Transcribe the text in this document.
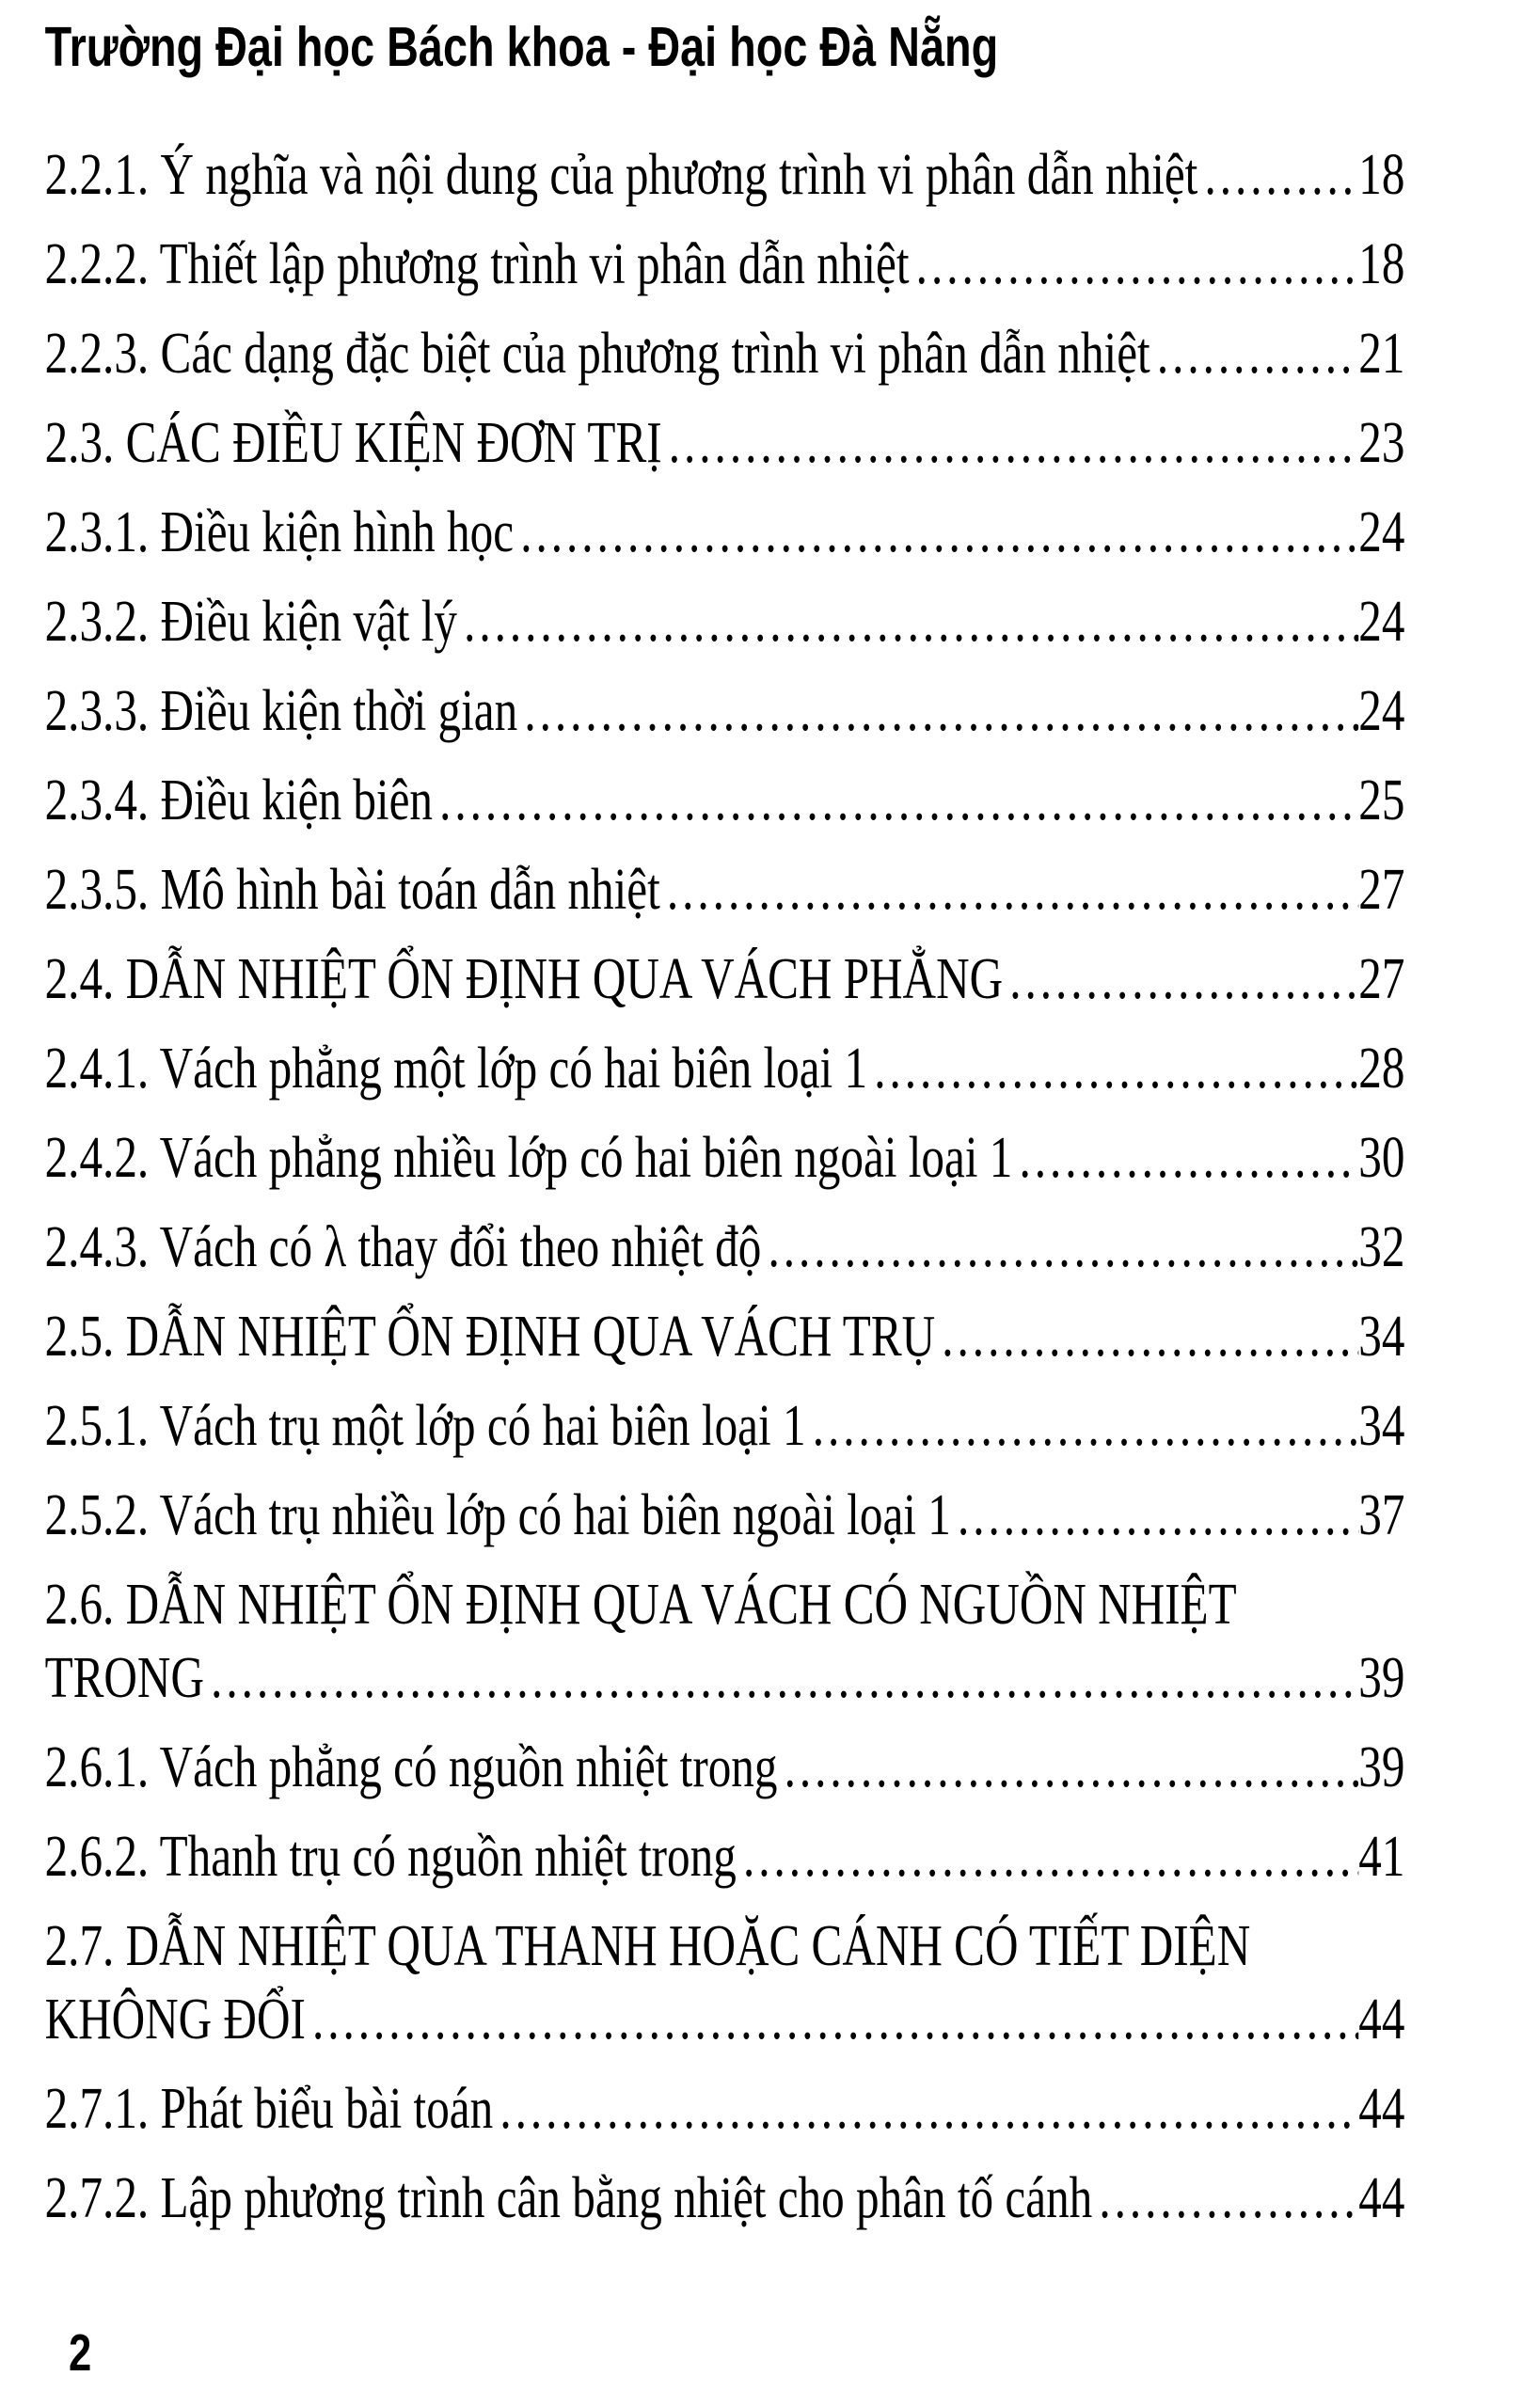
Trường Đại học Bách khoa - Đại học Đà Nẵng
2.2.1. Ý nghĩa và nội dung của phương trình vi phân dẫn nhiệt .....	18
2.2.2. Thiết lập phương trình vi phân dẫn nhiệt .....	18
2.2.3. Các dạng đặc biệt của phương trình vi phân dẫn nhiệt .....	21
2.3. CÁC ĐIỀU KIỆN ĐƠN TRỊ .....	23
2.3.1. Điều kiện hình học .....	24
2.3.2. Điều kiện vật lý .....	24
2.3.3. Điều kiện thời gian .....	24
2.3.4. Điều kiện biên .....	25
2.3.5. Mô hình bài toán dẫn nhiệt .....	27
2.4. DẪN NHIỆT ỔN ĐỊNH QUA VÁCH PHẲNG .....	27
2.4.1. Vách phẳng một lớp có hai biên loại 1 .....	28
2.4.2. Vách phẳng nhiều lớp có hai biên ngoài loại 1 .....	30
2.4.3. Vách có λ thay đổi theo nhiệt độ .....	32
2.5. DẪN NHIỆT ỔN ĐỊNH QUA VÁCH TRỤ .....	34
2.5.1. Vách trụ một lớp có hai biên loại 1 .....	34
2.5.2. Vách trụ nhiều lớp có hai biên ngoài loại 1 .....	37
2.6. DẪN NHIỆT ỔN ĐỊNH QUA VÁCH CÓ NGUỒN NHIỆT
TRONG .....	39
2.6.1. Vách phẳng có nguồn nhiệt trong .....	39
2.6.2. Thanh trụ có nguồn nhiệt trong .....	41
2.7. DẪN NHIỆT QUA THANH HOẶC CÁNH CÓ TIẾT DIỆN
KHÔNG ĐỔI .....	44
2.7.1. Phát biểu bài toán .....	44
2.7.2. Lập phương trình cân bằng nhiệt cho phân tố cánh .....	44
2
